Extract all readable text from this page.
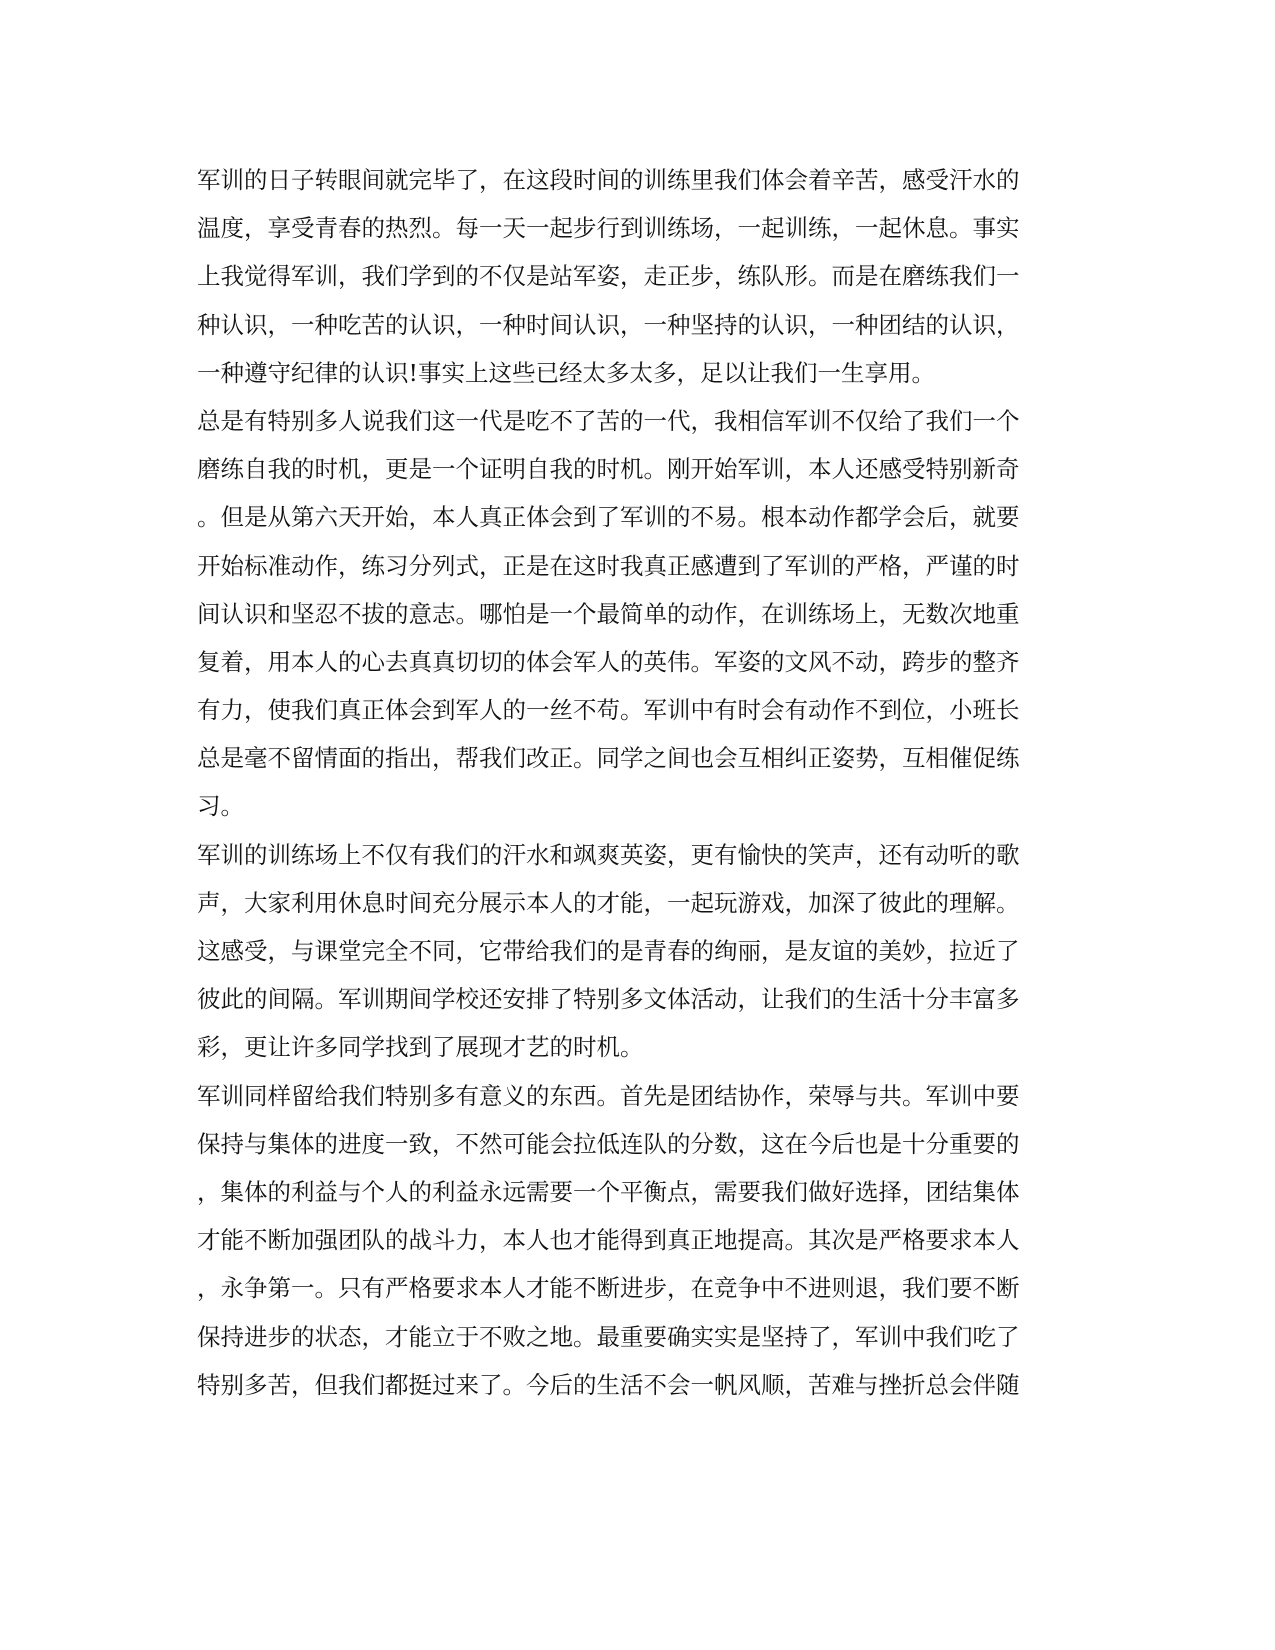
军训的日子转眼间就完毕了，在这段时间的训练里我们体会着辛苦，感受汗水的
温度，享受青春的热烈。每一天一起步行到训练场，一起训练，一起休息。事实
上我觉得军训，我们学到的不仅是站军姿，走正步，练队形。而是在磨练我们一
种认识，一种吃苦的认识，一种时间认识，一种坚持的认识，一种团结的认识，
一种遵守纪律的认识!事实上这些已经太多太多，足以让我们一生享用。
总是有特别多人说我们这一代是吃不了苦的一代，我相信军训不仅给了我们一个
磨练自我的时机，更是一个证明自我的时机。刚开始军训，本人还感受特别新奇
。但是从第六天开始，本人真正体会到了军训的不易。根本动作都学会后，就要
开始标准动作，练习分列式，正是在这时我真正感遭到了军训的严格，严谨的时
间认识和坚忍不拔的意志。哪怕是一个最简单的动作，在训练场上，无数次地重
复着，用本人的心去真真切切的体会军人的英伟。军姿的文风不动，跨步的整齐
有力，使我们真正体会到军人的一丝不苟。军训中有时会有动作不到位，小班长
总是毫不留情面的指出，帮我们改正。同学之间也会互相纠正姿势，互相催促练
习。
军训的训练场上不仅有我们的汗水和飒爽英姿，更有愉快的笑声，还有动听的歌
声，大家利用休息时间充分展示本人的才能，一起玩游戏，加深了彼此的理解。
这感受，与课堂完全不同，它带给我们的是青春的绚丽，是友谊的美妙，拉近了
彼此的间隔。军训期间学校还安排了特别多文体活动，让我们的生活十分丰富多
彩，更让许多同学找到了展现才艺的时机。
军训同样留给我们特别多有意义的东西。首先是团结协作，荣辱与共。军训中要
保持与集体的进度一致，不然可能会拉低连队的分数，这在今后也是十分重要的
，集体的利益与个人的利益永远需要一个平衡点，需要我们做好选择，团结集体
才能不断加强团队的战斗力，本人也才能得到真正地提高。其次是严格要求本人
，永争第一。只有严格要求本人才能不断进步，在竞争中不进则退，我们要不断
保持进步的状态，才能立于不败之地。最重要确实实是坚持了，军训中我们吃了
特别多苦，但我们都挺过来了。今后的生活不会一帆风顺，苦难与挫折总会伴随
